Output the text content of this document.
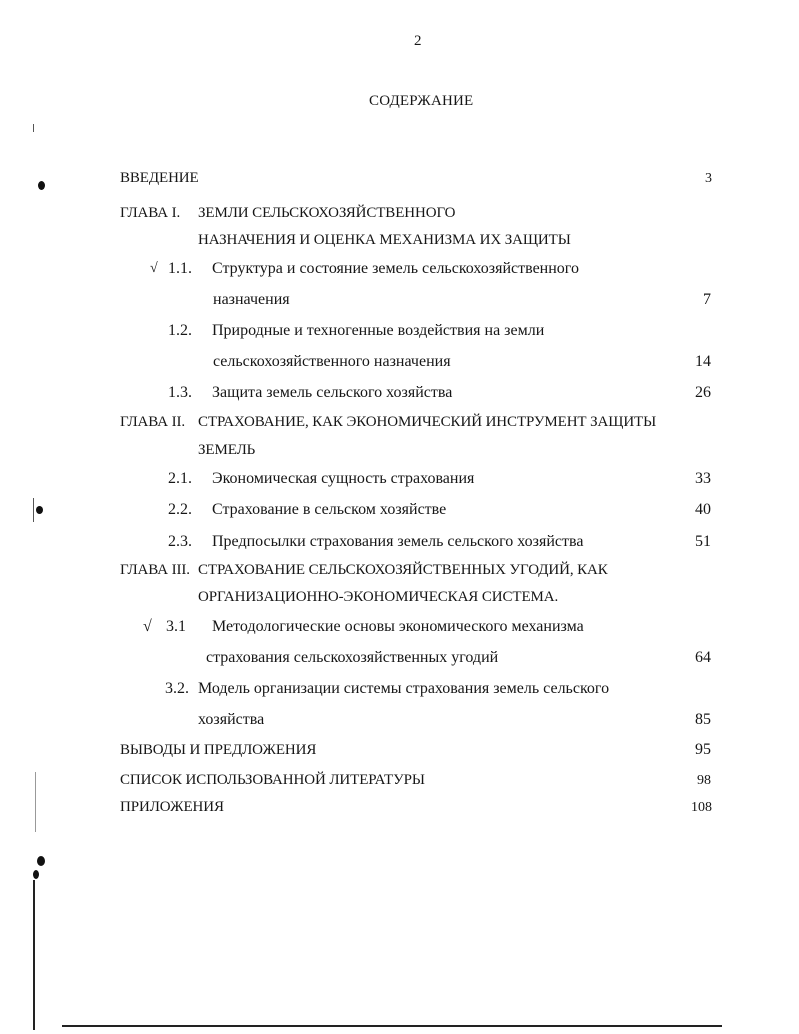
2
СОДЕРЖАНИЕ
ВВЕДЕНИЕ	3
ГЛАВА I. ЗЕМЛИ СЕЛЬСКОХОЗЯЙСТВЕННОГО
НАЗНАЧЕНИЯ И ОЦЕНКА МЕХАНИЗМА ИХ ЗАЩИТЫ
√ 1.1. Структура и состояние земель сельскохозяйственного
назначения	7
1.2. Природные и техногенные воздействия на земли
сельскохозяйственного назначения	14
1.3. Защита земель сельского хозяйства	26
ГЛАВА II. СТРАХОВАНИЕ, КАК ЭКОНОМИЧЕСКИЙ ИНСТРУМЕНТ ЗАЩИТЫ
ЗЕМЕЛЬ
2.1. Экономическая сущность страхования	33
2.2. Страхование в сельском хозяйстве	40
2.3. Предпосылки страхования земель сельского хозяйства	51
ГЛАВА III. СТРАХОВАНИЕ СЕЛЬСКОХОЗЯЙСТВЕННЫХ УГОДИЙ, КАК
ОРГАНИЗАЦИОННО-ЭКОНОМИЧЕСКАЯ СИСТЕМА.
√ 3.1 Методологические основы экономического механизма
страхования сельскохозяйственных угодий	64
3.2. Модель организации системы страхования земель сельского
хозяйства	85
ВЫВОДЫ И ПРЕДЛОЖЕНИЯ	95
СПИСОК ИСПОЛЬЗОВАННОЙ ЛИТЕРАТУРЫ	98
ПРИЛОЖЕНИЯ	108
